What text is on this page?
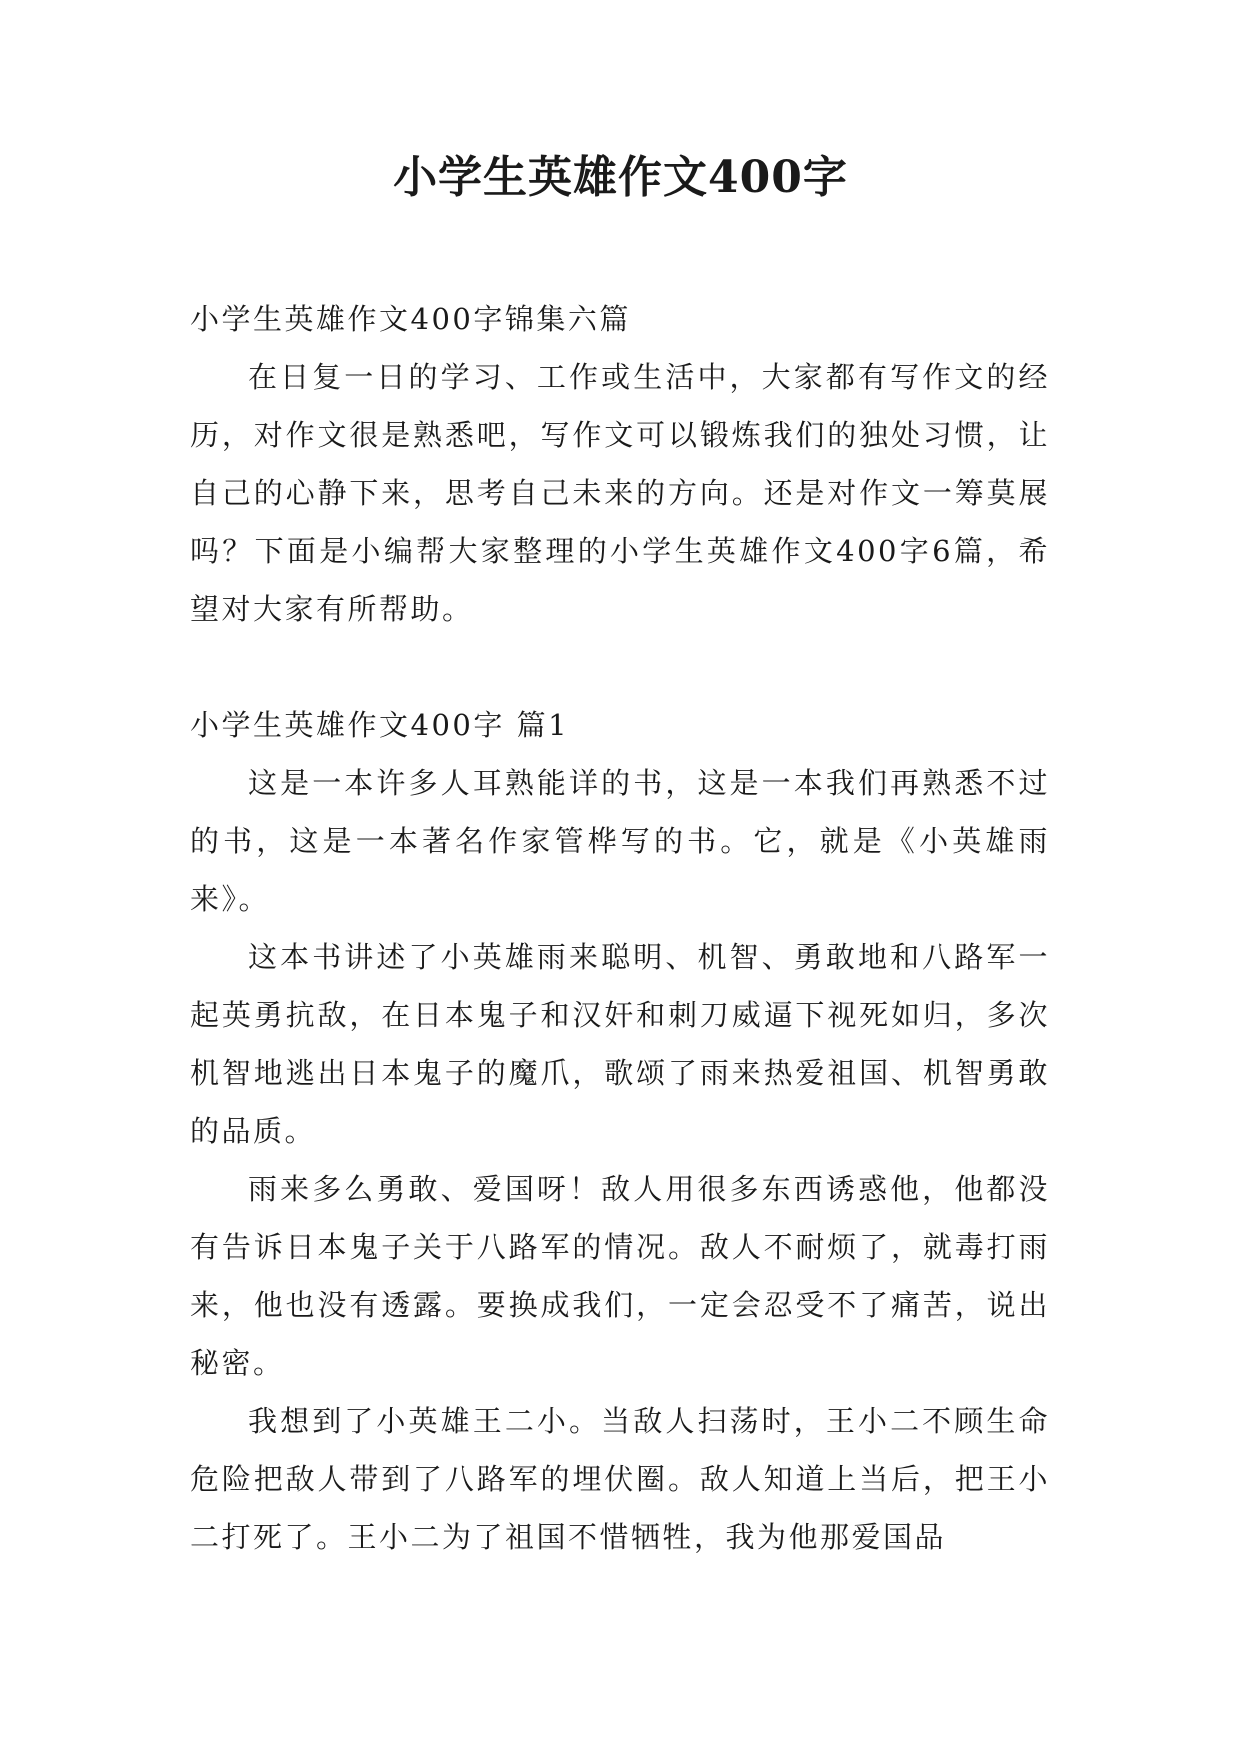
小学生英雄作文400字

小学生英雄作文400字锦集六篇

在日复一日的学习、工作或生活中，大家都有写作文的经历，对作文很是熟悉吧，写作文可以锻炼我们的独处习惯，让自己的心静下来，思考自己未来的方向。还是对作文一筹莫展吗？下面是小编帮大家整理的小学生英雄作文400字6篇，希望对大家有所帮助。

小学生英雄作文400字 篇1

这是一本许多人耳熟能详的书，这是一本我们再熟悉不过的书，这是一本著名作家管桦写的书。它，就是《小英雄雨来》。

这本书讲述了小英雄雨来聪明、机智、勇敢地和八路军一起英勇抗敌，在日本鬼子和汉奸和刺刀威逼下视死如归，多次机智地逃出日本鬼子的魔爪，歌颂了雨来热爱祖国、机智勇敢的品质。

雨来多么勇敢、爱国呀！敌人用很多东西诱惑他，他都没有告诉日本鬼子关于八路军的情况。敌人不耐烦了，就毒打雨来，他也没有透露。要换成我们，一定会忍受不了痛苦，说出秘密。

我想到了小英雄王二小。当敌人扫荡时，王小二不顾生命危险把敌人带到了八路军的埋伏圈。敌人知道上当后，把王小二打死了。王小二为了祖国不惜牺牲，我为他那爱国品
